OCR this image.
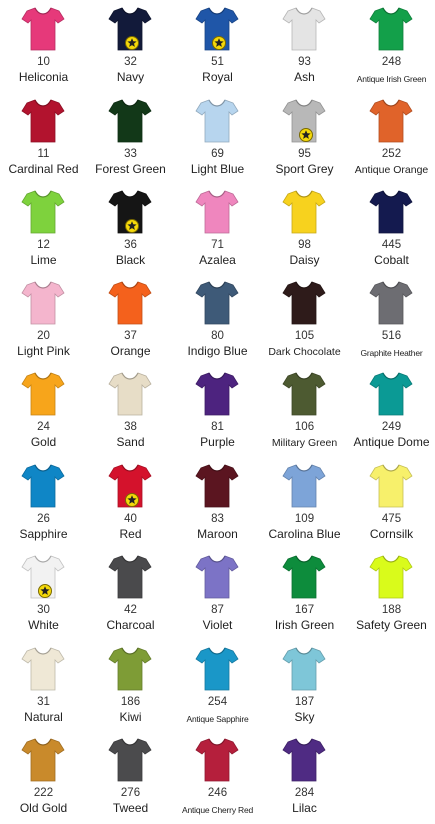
10
Heliconia
32
Navy
51
Royal
93
Ash
248
Antique Irish Green
11
Cardinal Red
33
Forest Green
69
Light Blue
95
Sport Grey
252
Antique Orange
12
Lime
36
Black
71
Azalea
98
Daisy
445
Cobalt
20
Light Pink
37
Orange
80
Indigo Blue
105
Dark Chocolate
516
Graphite Heather
24
Gold
38
Sand
81
Purple
106
Military Green
249
Antique Dome
26
Sapphire
40
Red
83
Maroon
109
Carolina Blue
475
Cornsilk
30
White
42
Charcoal
87
Violet
167
Irish Green
188
Safety Green
31
Natural
186
Kiwi
254
Antique Sapphire
187
Sky
222
Old Gold
276
Tweed
246
Antique Cherry Red
284
Lilac
